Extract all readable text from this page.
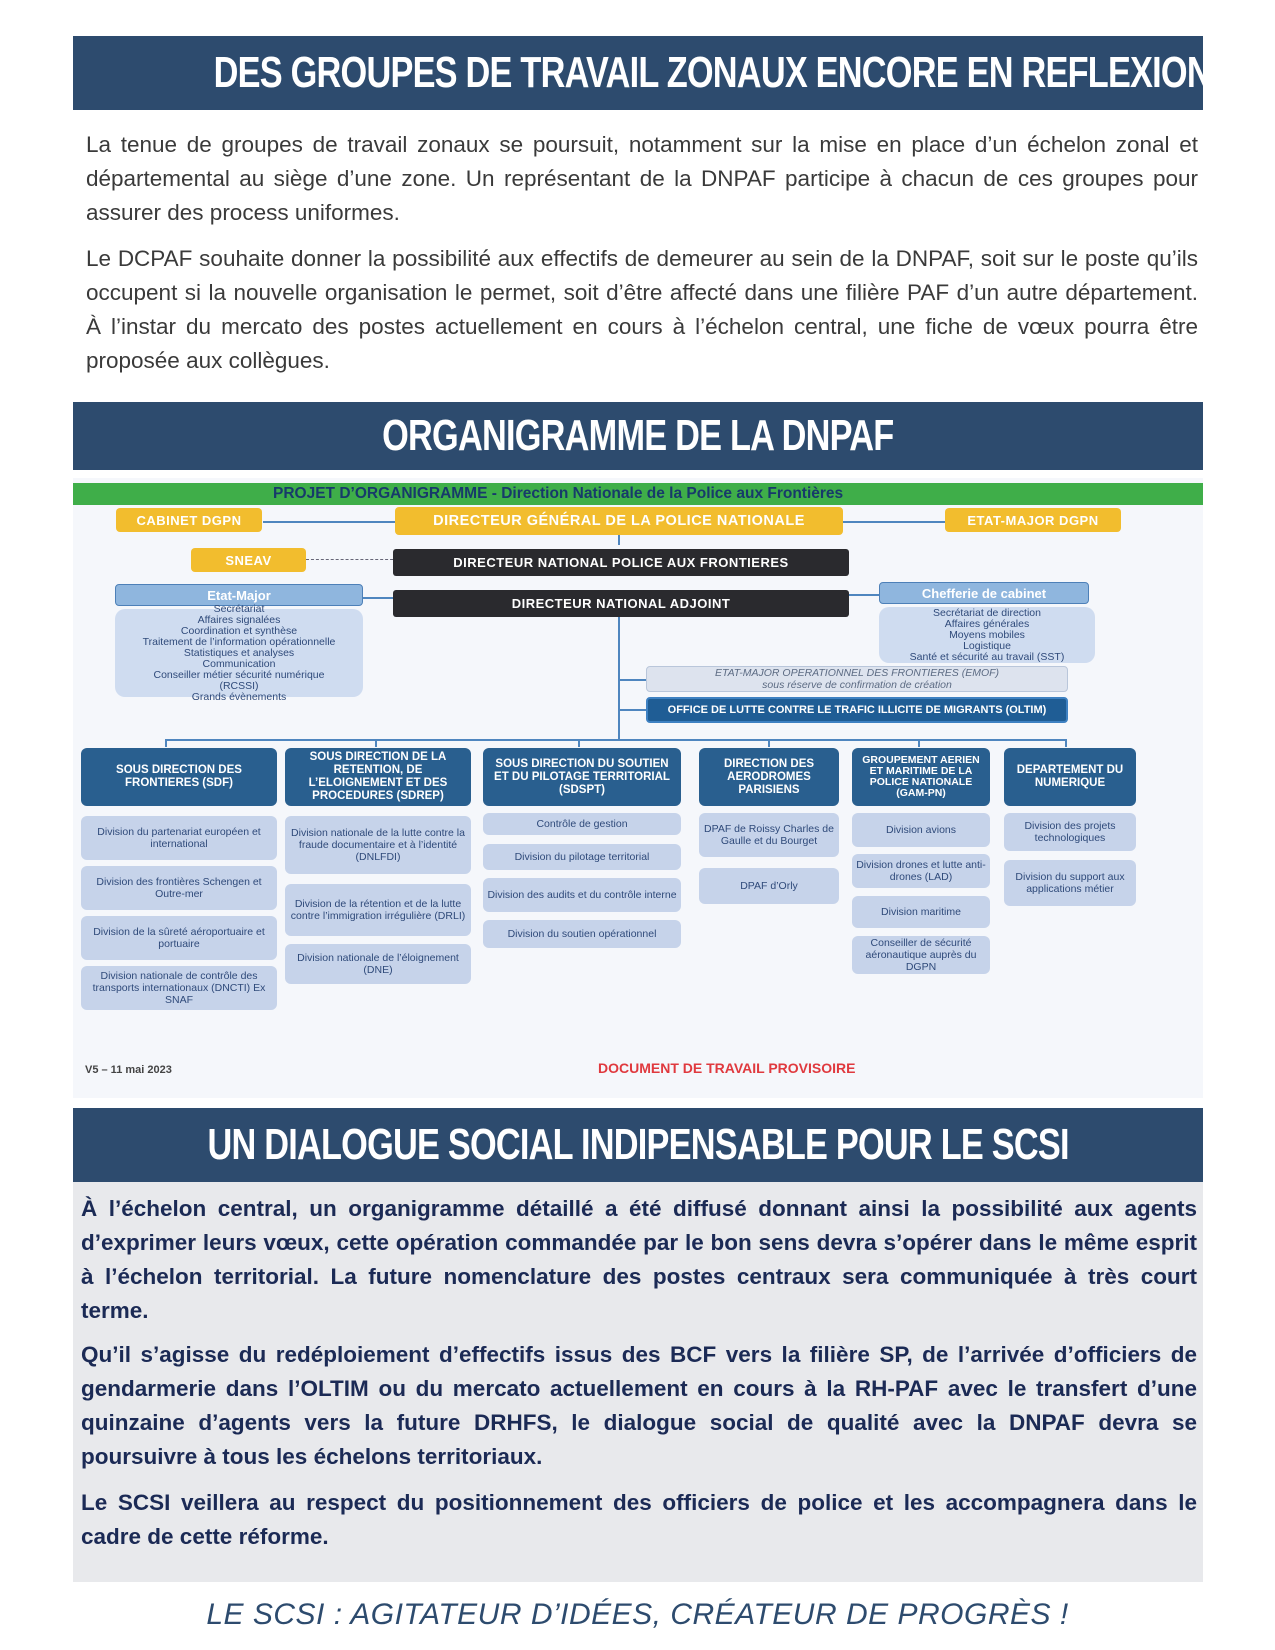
DES GROUPES DE TRAVAIL ZONAUX ENCORE EN REFLEXION

La tenue de groupes de travail zonaux se poursuit, notamment sur la mise en place d’un échelon zonal et départemental au siège d’une zone. Un représentant de la DNPAF participe à chacun de ces groupes pour assurer des process uniformes.

Le DCPAF souhaite donner la possibilité aux effectifs de demeurer au sein de la DNPAF, soit sur le poste qu’ils occupent si la nouvelle organisation le permet, soit d’être affecté dans une filière PAF d’un autre département. À l’instar du mercato des postes actuellement en cours à l’échelon central, une fiche de vœux pourra être proposée aux collègues.

ORGANIGRAMME DE LA DNPAF
PROJET D’ORGANIGRAMME - Direction Nationale de la Police aux Frontières
CABINET DGPN	DIRECTEUR GÉNÉRAL DE LA POLICE NATIONALE	ETAT-MAJOR DGPN
SNEAV	DIRECTEUR NATIONAL POLICE AUX FRONTIERES
DIRECTEUR NATIONAL ADJOINT
Etat-Major
Secrétariat
Affaires signalées
Coordination et synthèse
Traitement de l’information opérationnelle
Statistiques et analyses
Communication
Conseiller métier sécurité numérique
(RCSSI)
Grands évènements
Chefferie de cabinet
Secrétariat de direction
Affaires générales
Moyens mobiles
Logistique
Santé et sécurité au travail (SST)
ETAT-MAJOR OPERATIONNEL DES FRONTIERES (EMOF)
sous réserve de confirmation de création
OFFICE DE LUTTE CONTRE LE TRAFIC ILLICITE DE MIGRANTS (OLTIM)
SOUS DIRECTION DES FRONTIERES (SDF)
SOUS DIRECTION DE LA RETENTION, DE L’ELOIGNEMENT ET DES PROCEDURES (SDREP)
SOUS DIRECTION DU SOUTIEN ET DU PILOTAGE TERRITORIAL (SDSPT)
DIRECTION DES AERODROMES PARISIENS
GROUPEMENT AERIEN ET MARITIME DE LA POLICE NATIONALE (GAM-PN)
DEPARTEMENT DU NUMERIQUE
Division du partenariat européen et international
Division des frontières Schengen et Outre-mer
Division de la sûreté aéroportuaire et portuaire
Division nationale de contrôle des transports internationaux (DNCTI) Ex SNAF
Division nationale de la lutte contre la fraude documentaire et à l’identité (DNLFDI)
Division de la rétention et de la lutte contre l’immigration irrégulière (DRLI)
Division nationale de l’éloignement (DNE)
Contrôle de gestion
Division du pilotage territorial
Division des audits et du contrôle interne
Division du soutien opérationnel
DPAF de Roissy Charles de Gaulle et du Bourget
DPAF d’Orly
Division avions
Division drones et lutte anti-drones (LAD)
Division maritime
Conseiller de sécurité aéronautique auprès du DGPN
Division des projets technologiques
Division du support aux applications métier
V5 – 11 mai 2023	DOCUMENT DE TRAVAIL PROVISOIRE
UN DIALOGUE SOCIAL INDIPENSABLE POUR LE SCSI

À l’échelon central, un organigramme détaillé a été diffusé donnant ainsi la possibilité aux agents d’exprimer leurs vœux, cette opération commandée par le bon sens devra s’opérer dans le même esprit à l’échelon territorial. La future nomenclature des postes centraux sera communiquée à très court terme.

Qu’il s’agisse du redéploiement d’effectifs issus des BCF vers la filière SP, de l’arrivée d’officiers de gendarmerie dans l’OLTIM ou du mercato actuellement en cours à la RH-PAF avec le transfert d’une quinzaine d’agents vers la future DRHFS, le dialogue social de qualité avec la DNPAF devra se poursuivre à tous les échelons territoriaux.

Le SCSI veillera au respect du positionnement des officiers de police et les accompagnera dans le cadre de cette réforme.

LE SCSI : AGITATEUR D’IDÉES, CRÉATEUR DE PROGRÈS !
